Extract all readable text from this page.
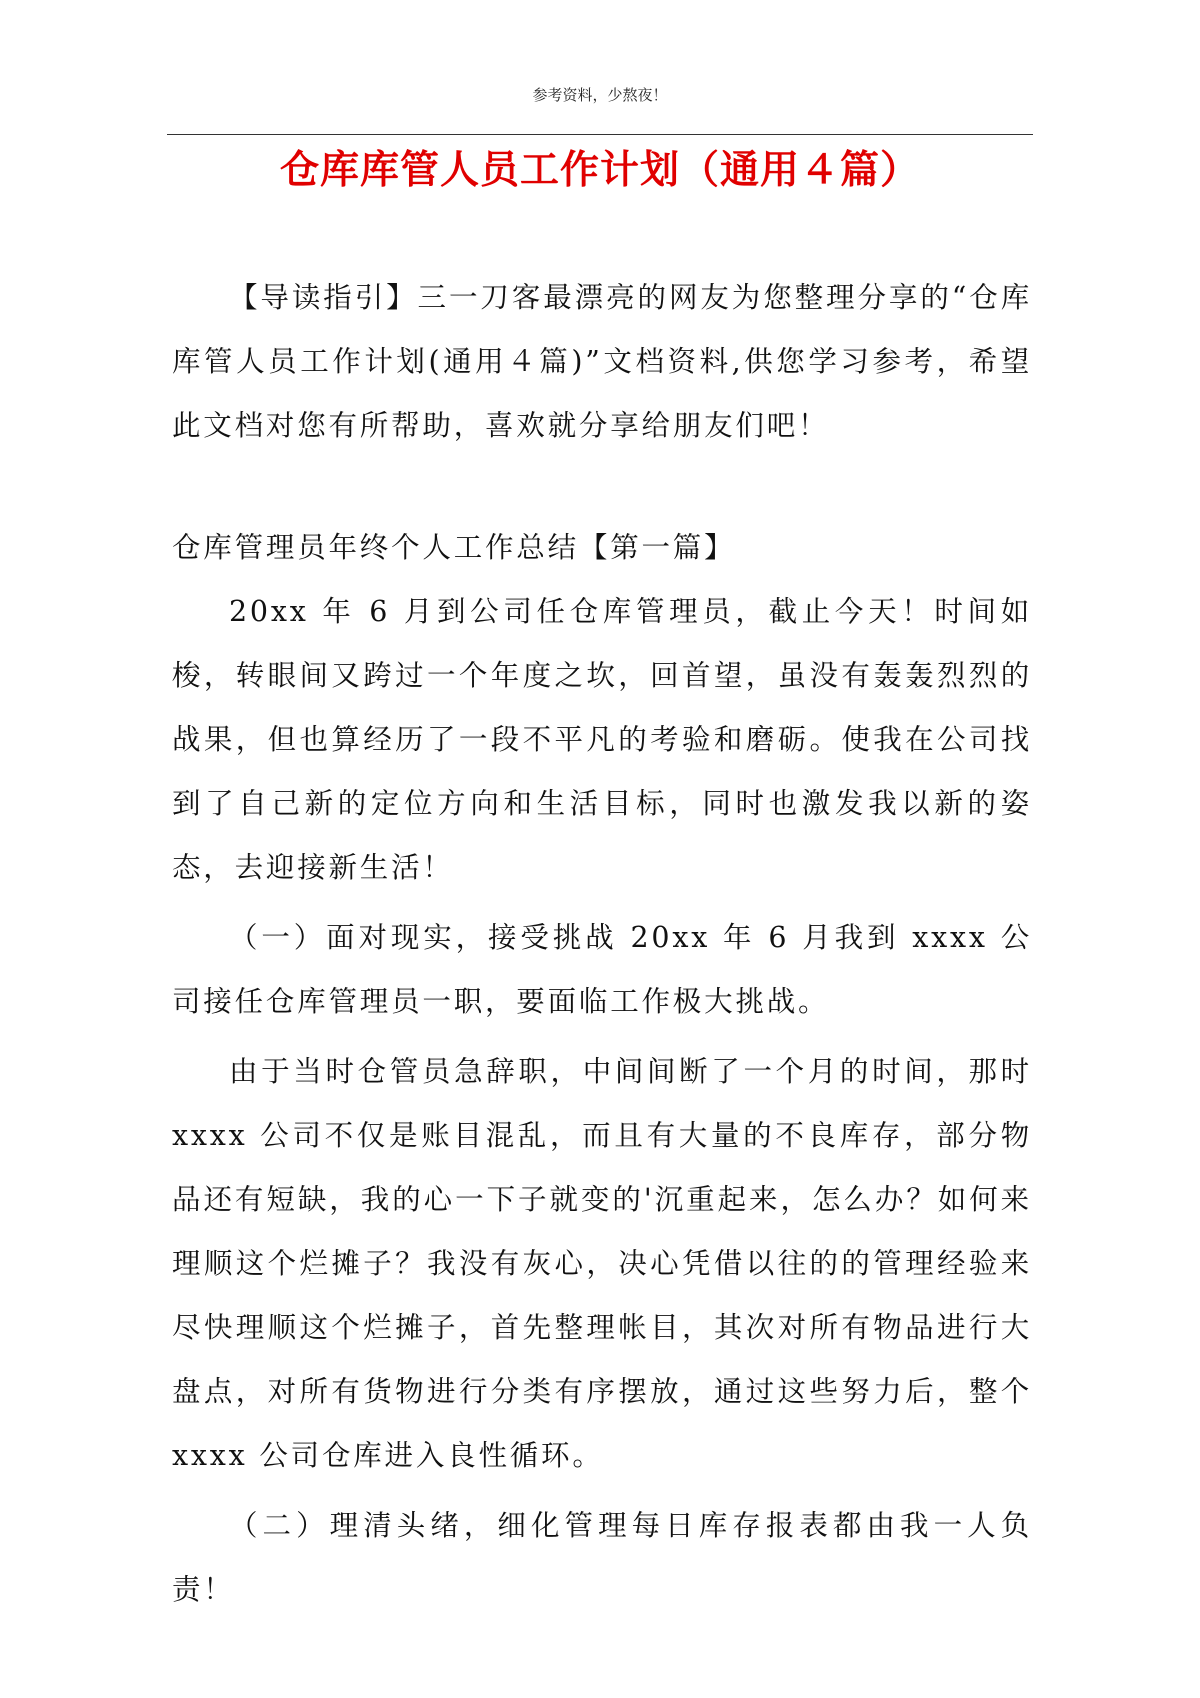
参考资料，少熬夜！
仓库库管人员工作计划（通用４篇）

【导读指引】三一刀客最漂亮的网友为您整理分享的“仓库库管人员工作计划(通用４篇)”文档资料,供您学习参考，希望此文档对您有所帮助，喜欢就分享给朋友们吧！

仓库管理员年终个人工作总结【第一篇】

20xx 年 6 月到公司任仓库管理员，截止今天！时间如梭，转眼间又跨过一个年度之坎，回首望，虽没有轰轰烈烈的战果，但也算经历了一段不平凡的考验和磨砺。使我在公司找到了自己新的定位方向和生活目标，同时也激发我以新的姿态，去迎接新生活！

（一）面对现实，接受挑战 20xx 年 6 月我到 xxxx 公司接任仓库管理员一职，要面临工作极大挑战。

由于当时仓管员急辞职，中间间断了一个月的时间，那时 xxxx 公司不仅是账目混乱，而且有大量的不良库存，部分物品还有短缺，我的心一下子就变的'沉重起来，怎么办？如何来理顺这个烂摊子？我没有灰心，决心凭借以往的的管理经验来尽快理顺这个烂摊子，首先整理帐目，其次对所有物品进行大盘点，对所有货物进行分类有序摆放，通过这些努力后，整个 xxxx 公司仓库进入良性循环。

（二）理清头绪，细化管理每日库存报表都由我一人负责！
